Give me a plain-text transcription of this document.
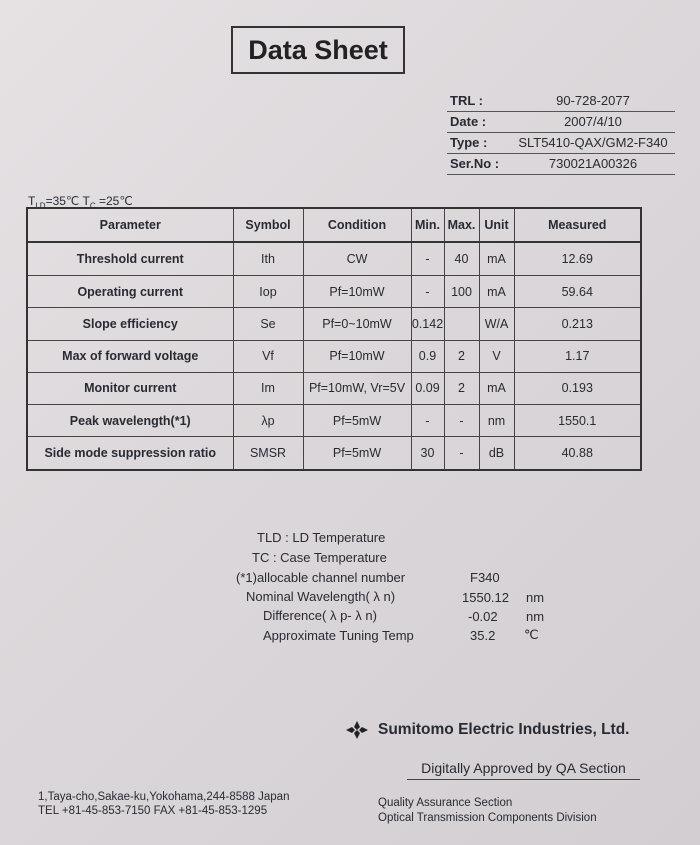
Data Sheet
TRL :	90-728-2077
Date :	2007/4/10
Type :	SLT5410-QAX/GM2-F340
Ser.No :	730021A00326
$T_{LD}=35℃$ $T_C$ =25℃
Parameter	Symbol	Condition	Min.	Max.	Unit	Measured
Threshold current	Ith	CW	-	40	mA	12.69
Operating current	Iop	Pf=10mW	-	100	mA	59.64
Slope efficiency	Se	Pf=0~10mW	0.142		W/A	0.213
Max of forward voltage	Vf	Pf=10mW	0.9	2	V	1.17
Monitor current	Im	Pf=10mW, Vr=5V	0.09	2	mA	0.193
Peak wavelength(*1)	λp	Pf=5mW	-	-	nm	1550.1
Side mode suppression ratio	SMSR	Pf=5mW	30	-	dB	40.88
TLD : LD Temperature
TC : Case Temperature
(*1)allocable channel number	F340
Nominal Wavelength( λ n)	1550.12 nm
Difference( λ p- λ n)	-0.02 nm
Approximate Tuning Temp	35.2 ℃
Sumitomo Electric Industries, Ltd.
Digitally Approved by QA Section
1,Taya-cho,Sakae-ku,Yokohama,244-8588 Japan
TEL +81-45-853-7150 FAX +81-45-853-1295
Quality Assurance Section
Optical Transmission Components Division
